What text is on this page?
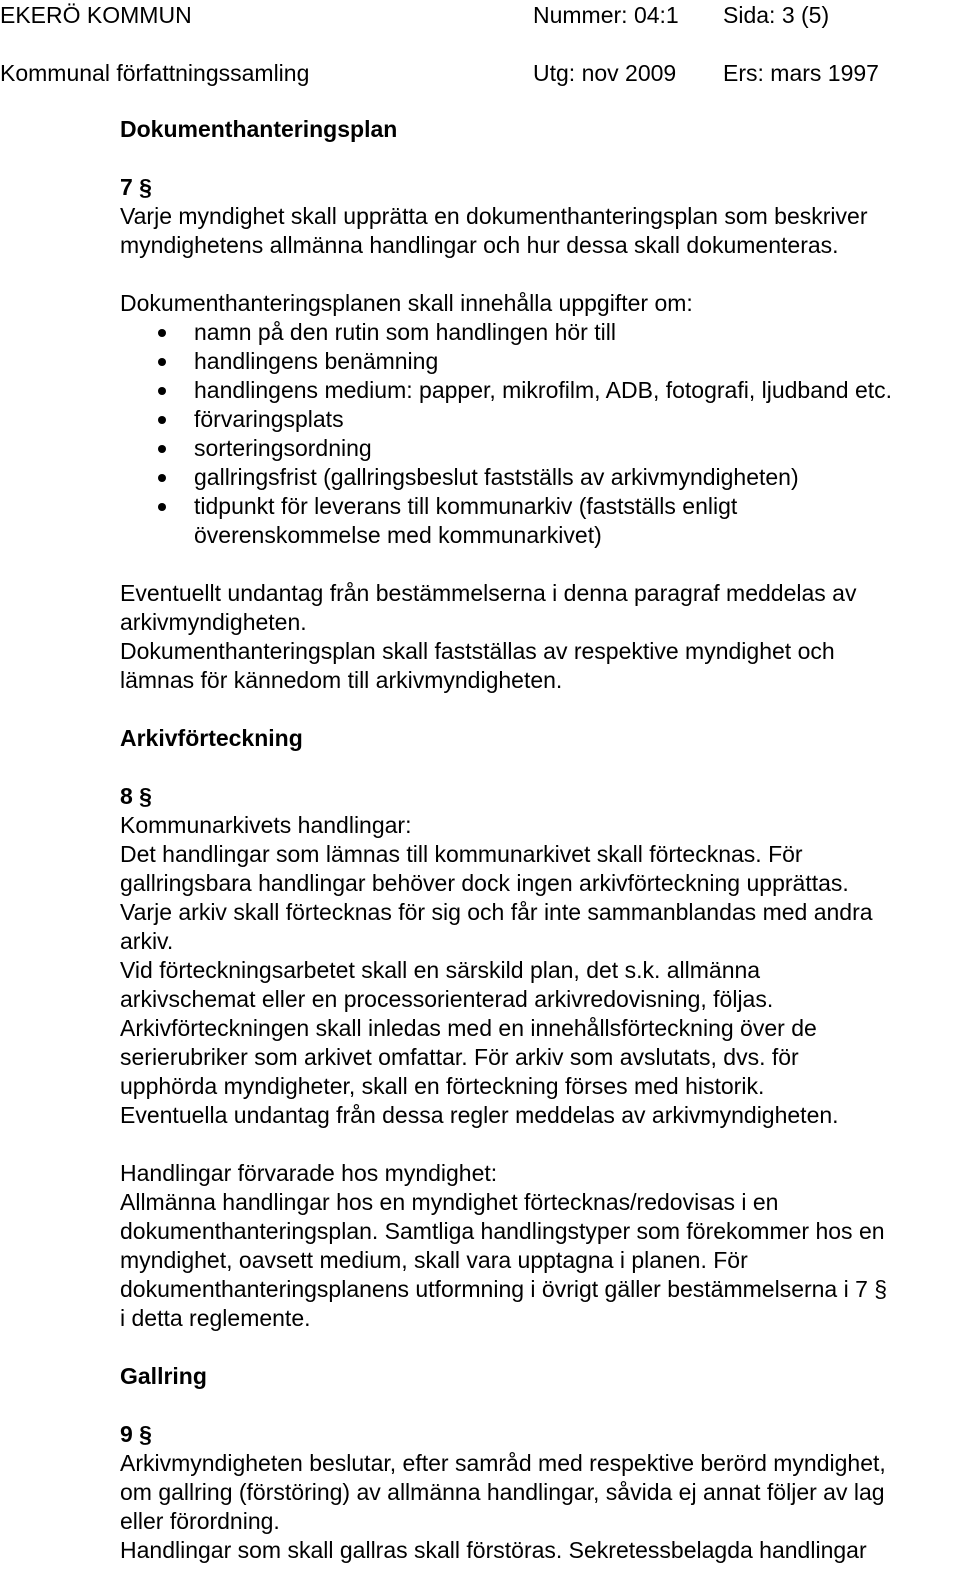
EKERÖ KOMMUN	Nummer: 04:1 Sida: 3 (5)
Kommunal författningssamling	Utg: nov 2009 Ers: mars 1997

Dokumenthanteringsplan

7 §

Varje myndighet skall upprätta en dokumenthanteringsplan som beskriver

myndighetens allmänna handlingar och hur dessa skall dokumenteras.

Dokumenthanteringsplanen skall innehålla uppgifter om:

namn på den rutin som handlingen hör till
handlingens benämning
handlingens medium: papper, mikrofilm, ADB, fotografi, ljudband etc.
förvaringsplats
sorteringsordning
gallringsfrist (gallringsbeslut fastställs av arkivmyndigheten)
tidpunkt för leverans till kommunarkiv (fastställs enligt
överenskommelse med kommunarkivet)

Eventuellt undantag från bestämmelserna i denna paragraf meddelas av

arkivmyndigheten.

Dokumenthanteringsplan skall fastställas av respektive myndighet och

lämnas för kännedom till arkivmyndigheten.

Arkivförteckning

8 §

Kommunarkivets handlingar:

Det handlingar som lämnas till kommunarkivet skall förtecknas. För

gallringsbara handlingar behöver dock ingen arkivförteckning upprättas.

Varje arkiv skall förtecknas för sig och får inte sammanblandas med andra

arkiv.

Vid förteckningsarbetet skall en särskild plan, det s.k. allmänna

arkivschemat eller en processorienterad arkivredovisning, följas.

Arkivförteckningen skall inledas med en innehållsförteckning över de

serierubriker som arkivet omfattar. För arkiv som avslutats, dvs. för

upphörda myndigheter, skall en förteckning förses med historik.

Eventuella undantag från dessa regler meddelas av arkivmyndigheten.

Handlingar förvarade hos myndighet:

Allmänna handlingar hos en myndighet förtecknas/redovisas i en

dokumenthanteringsplan. Samtliga handlingstyper som förekommer hos en

myndighet, oavsett medium, skall vara upptagna i planen. För

dokumenthanteringsplanens utformning i övrigt gäller bestämmelserna i 7 §

i detta reglemente.

Gallring

9 §

Arkivmyndigheten beslutar, efter samråd med respektive berörd myndighet,

om gallring (förstöring) av allmänna handlingar, såvida ej annat följer av lag

eller förordning.

Handlingar som skall gallras skall förstöras. Sekretessbelagda handlingar
